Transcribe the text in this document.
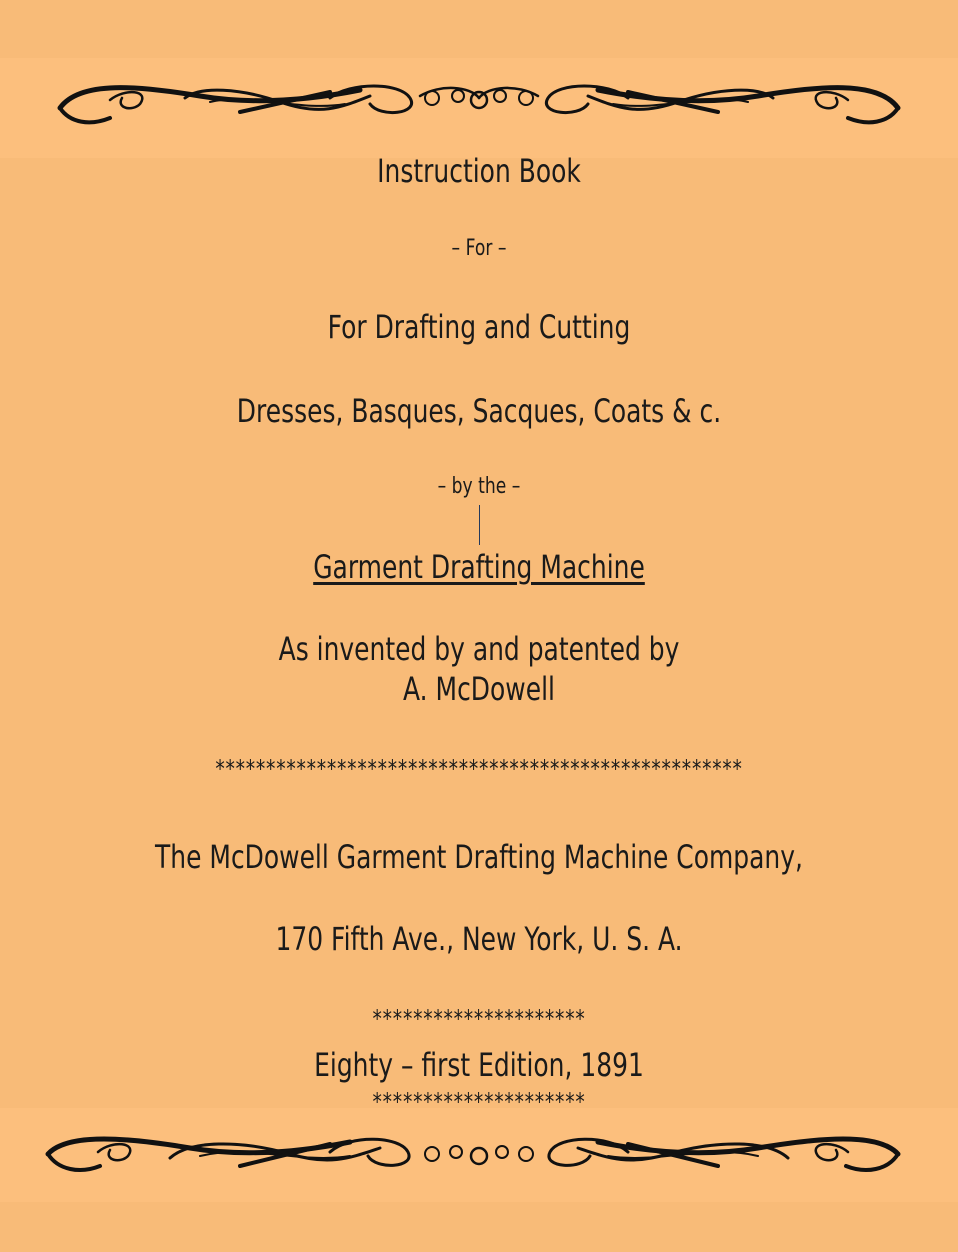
Instruction Book
– For –
For Drafting and Cutting
Dresses, Basques, Sacques, Coats & c.
– by the –
Garment Drafting Machine
As invented by and patented by
A. McDowell
****************************************************
The McDowell Garment Drafting Machine Company,
170 Fifth Ave., New York, U. S. A.
*********************
Eighty – first Edition, 1891
*********************
